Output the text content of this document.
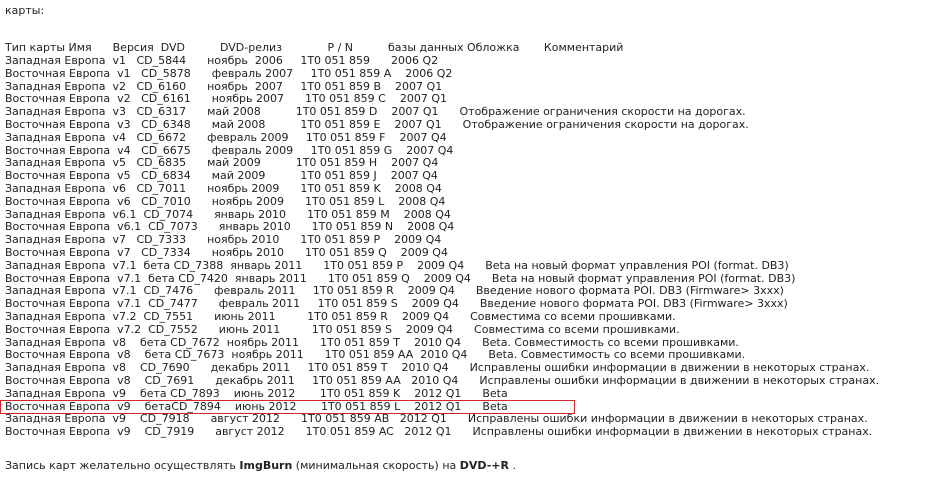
карты:
Тип карты Имя      Версия  DVD          DVD-релиз             P / N          базы данных Обложка       Комментарий
Западная Европа  v1   CD_5844      ноябрь  2006     1T0 051 859      2006 Q2
Восточная Европа  v1   CD_5878      февраль 2007     1T0 051 859 A    2006 Q2
Западная Европа  v2   CD_6160      ноябрь  2007     1T0 051 859 B    2007 Q1
Восточная Европа  v2   CD_6161      ноябрь 2007      1T0 051 859 C    2007 Q1
Западная Европа  v3   CD_6317      май 2008          1T0 051 859 D    2007 Q1      Отображение ограничения скорости на дорогах.
Восточная Европа  v3   CD_6348      май 2008          1T0 051 859 E    2007 Q1      Отображение ограничения скорости на дорогах.
Западная Европа  v4   CD_6672      февраль 2009     1T0 051 859 F    2007 Q4
Восточная Европа  v4   CD_6675      февраль 2009     1T0 051 859 G    2007 Q4
Западная Европа  v5   CD_6835      май 2009          1T0 051 859 H    2007 Q4
Восточная Европа  v5   CD_6834      май 2009          1T0 051 859 J    2007 Q4
Западная Европа  v6   CD_7011      ноябрь 2009      1T0 051 859 K    2008 Q4
Восточная Европа  v6   CD_7010      ноябрь 2009      1T0 051 859 L    2008 Q4
Западная Европа  v6.1  CD_7074      январь 2010      1T0 051 859 M    2008 Q4
Восточная Европа  v6.1  CD_7073      январь 2010      1T0 051 859 N    2008 Q4
Западная Европа  v7   CD_7333      ноябрь 2010      1T0 051 859 P    2009 Q4
Восточная Европа  v7   CD_7334      ноябрь 2010      1T0 051 859 Q    2009 Q4
Западная Европа  v7.1  бета CD_7388  январь 2011      1T0 051 859 P    2009 Q4      Beta на новый формат управления POI (format. DB3)
Восточная Европа  v7.1  бета CD_7420  январь 2011      1T0 051 859 Q    2009 Q4      Beta на новый формат управления POI (format. DB3)
Западная Европа  v7.1  CD_7476      февраль 2011     1T0 051 859 R    2009 Q4      Введение нового формата POI. DB3 (Firmware> 3xxx)
Восточная Европа  v7.1  CD_7477      февраль 2011     1T0 051 859 S    2009 Q4      Введение нового формата POI. DB3 (Firmware> 3xxx)
Западная Европа  v7.2  CD_7551      июнь 2011         1T0 051 859 R    2009 Q4      Совместима со всеми прошивками.
Восточная Европа  v7.2  CD_7552      июнь 2011         1T0 051 859 S    2009 Q4      Совместима со всеми прошивками.
Западная Европа  v8    бета CD_7672  ноябрь 2011      1T0 051 859 T    2010 Q4      Beta. Совместимость со всеми прошивками.
Восточная Европа  v8    бета CD_7673  ноябрь 2011      1T0 051 859 AA  2010 Q4      Beta. Совместимость со всеми прошивками.
Западная Европа  v8    CD_7690      декабрь 2011     1T0 051 859 T    2010 Q4      Исправлены ошибки информации в движении в некоторых странах.
Восточная Европа  v8    CD_7691      декабрь 2011     1T0 051 859 AA   2010 Q4      Исправлены ошибки информации в движении в некоторых странах.
Западная Европа  v9    бета CD_7893    июнь 2012       1T0 051 859 K    2012 Q1      Beta
Восточная Европа  v9    бетаCD_7894    июнь 2012       1T0 051 859 L    2012 Q1      Beta
Западная Европа  v9    CD_7918      август 2012      1T0 051 859 AB   2012 Q1      Исправлены ошибки информации в движении в некоторых странах.
Восточная Европа  v9    CD_7919      август 2012      1T0 051 859 AC   2012 Q1      Исправлены ошибки информации в движении в некоторых странах.
Запись карт желательно осуществлять ImgBurn (минимальная скорость) на DVD-+R .
